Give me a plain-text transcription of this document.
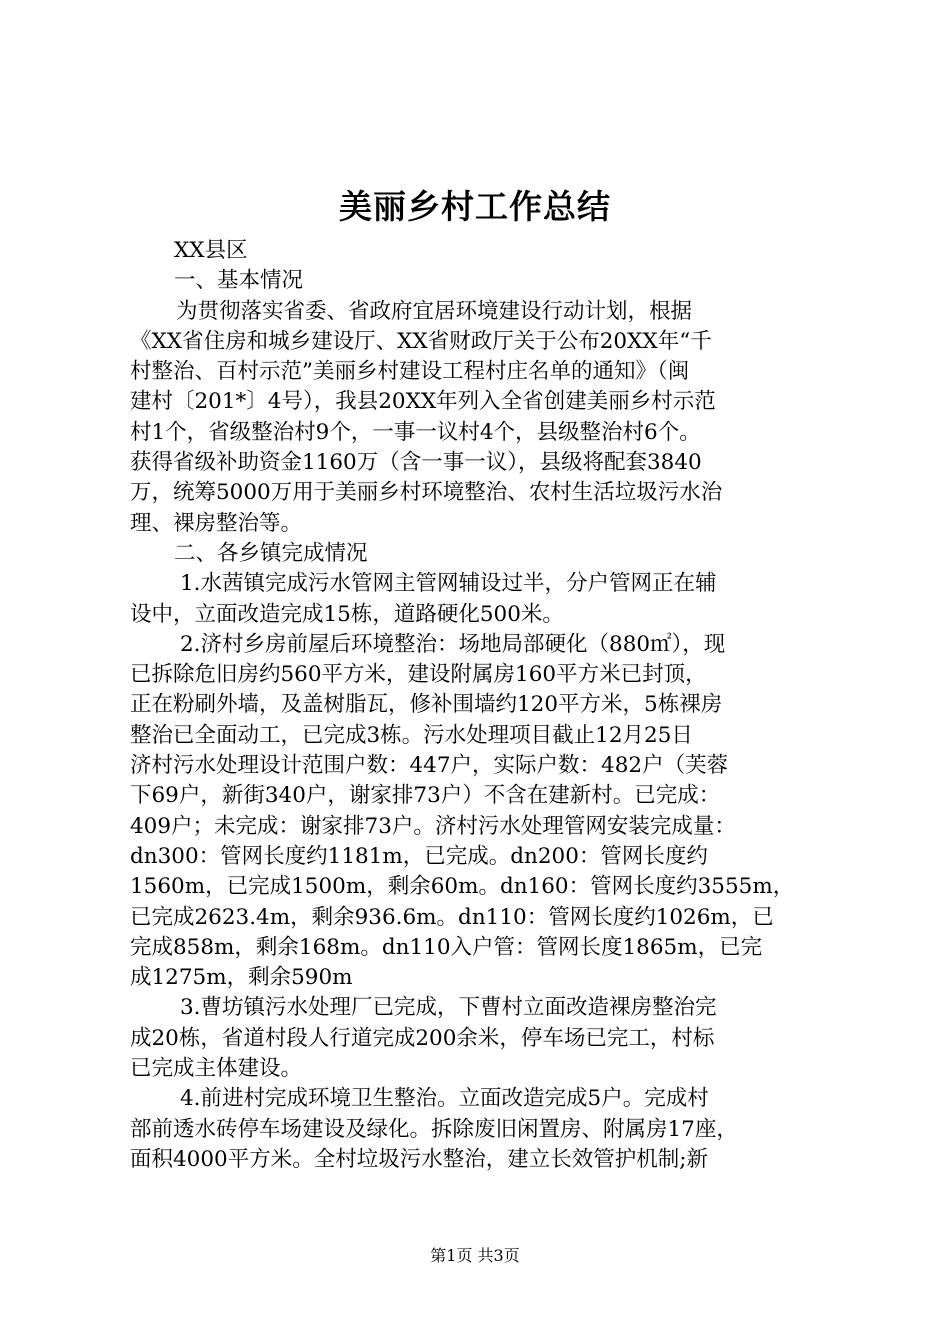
美丽乡村工作总结
XX县区
一、基本情况
为贯彻落实省委、省政府宜居环境建设行动计划，根据
《XX省住房和城乡建设厅、XX省财政厅关于公布20XX年“千
村整治、百村示范”美丽乡村建设工程村庄名单的通知》（闽
建村〔201*〕4号），我县20XX年列入全省创建美丽乡村示范
村1个，省级整治村9个，一事一议村4个，县级整治村6个。
获得省级补助资金1160万（含一事一议），县级将配套3840
万，统筹5000万用于美丽乡村环境整治、农村生活垃圾污水治
理、裸房整治等。
二、各乡镇完成情况
1.水茜镇完成污水管网主管网辅设过半，分户管网正在辅
设中，立面改造完成15栋，道路硬化500米。
2.济村乡房前屋后环境整治：场地局部硬化（880㎡），现
已拆除危旧房约560平方米，建设附属房160平方米已封顶，
正在粉刷外墙，及盖树脂瓦，修补围墙约120平方米，5栋裸房
整治已全面动工，已完成3栋。污水处理项目截止12月25日
济村污水处理设计范围户数：447户，实际户数：482户（芙蓉
下69户，新街340户，谢家排73户）不含在建新村。已完成：
409户；未完成：谢家排73户。济村污水处理管网安装完成量：
dn300：管网长度约1181m，已完成。dn200：管网长度约
1560m，已完成1500m，剩余60m。dn160：管网长度约3555m，
已完成2623.4m，剩余936.6m。dn110：管网长度约1026m，已
完成858m，剩余168m。dn110入户管：管网长度1865m，已完
成1275m，剩余590m
3.曹坊镇污水处理厂已完成，下曹村立面改造裸房整治完
成20栋，省道村段人行道完成200余米，停车场已完工，村标
已完成主体建设。
4.前进村完成环境卫生整治。立面改造完成5户。完成村
部前透水砖停车场建设及绿化。拆除废旧闲置房、附属房17座，
面积4000平方米。全村垃圾污水整治，建立长效管护机制;新
第1页 共3页
